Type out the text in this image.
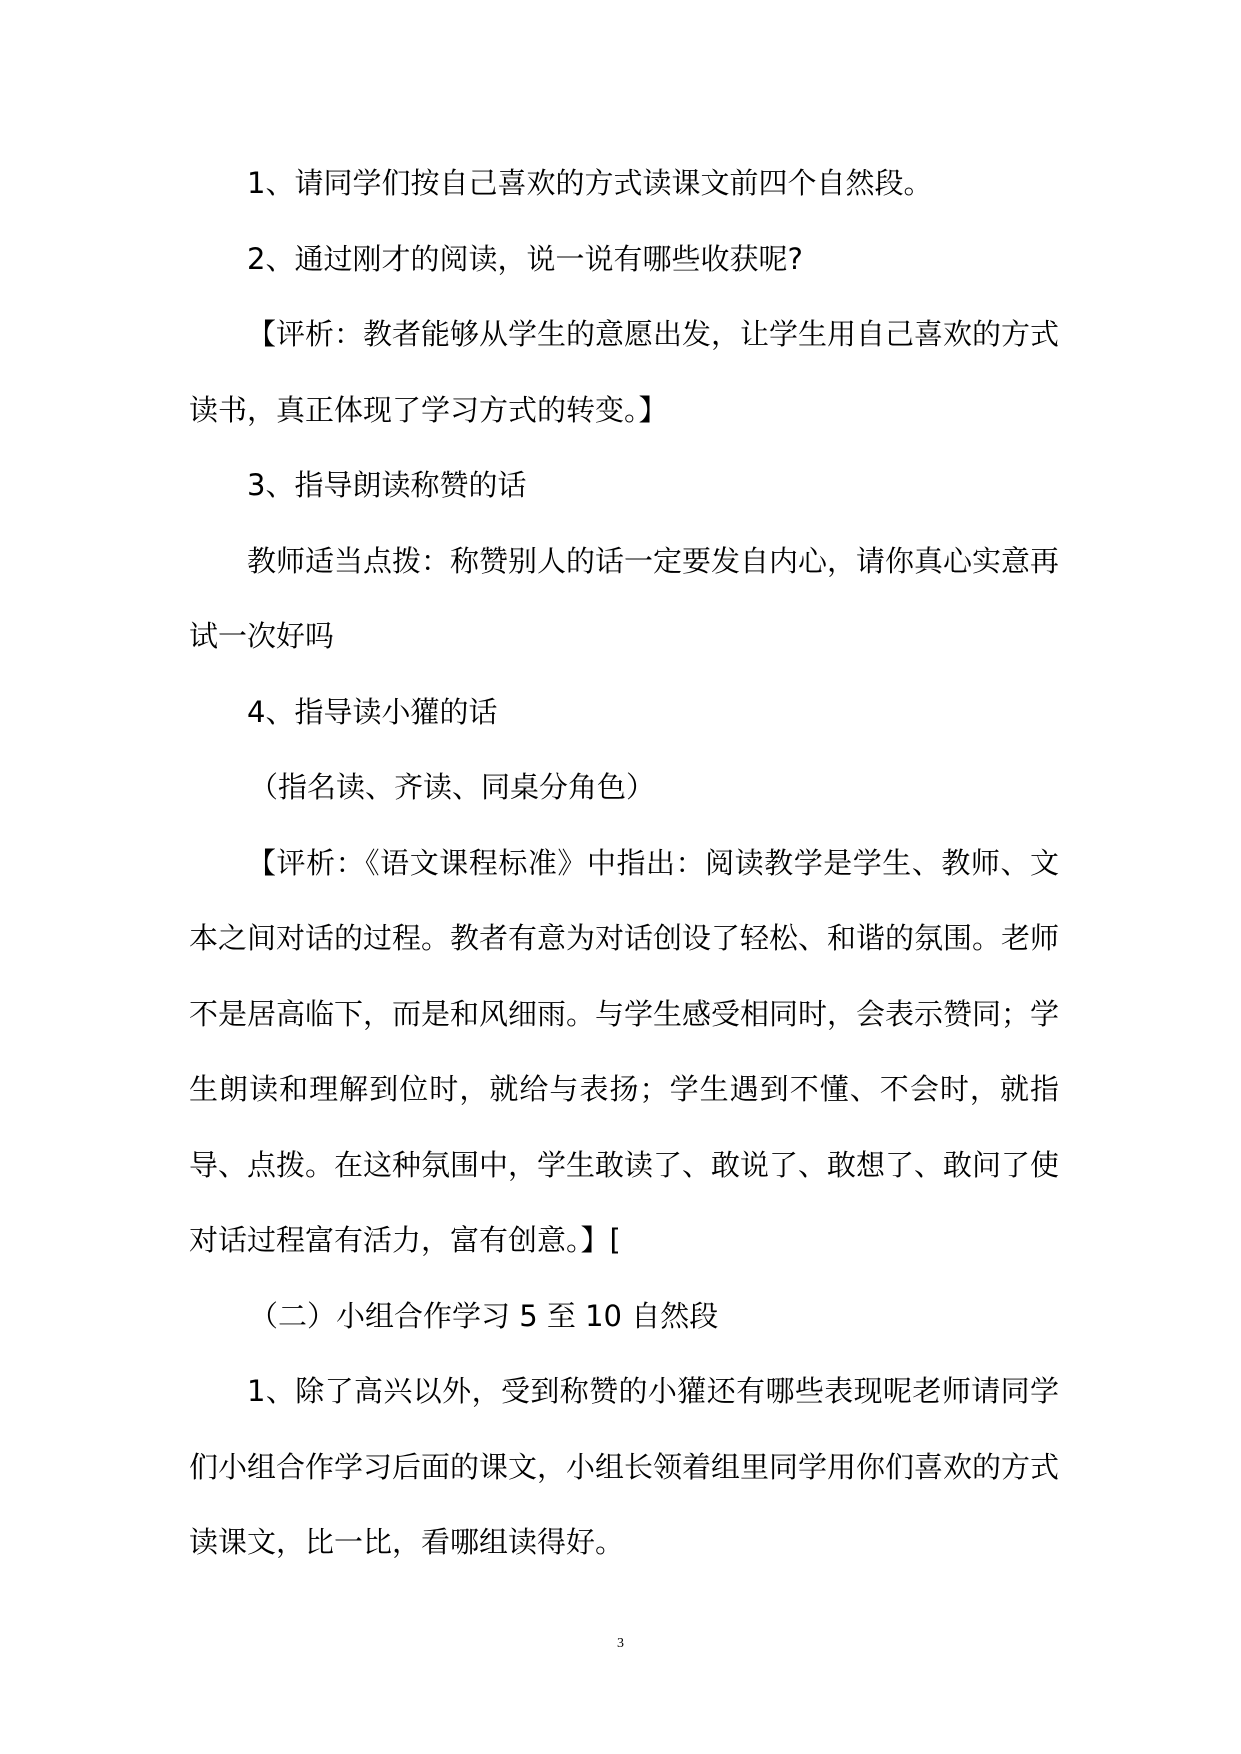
1、请同学们按自己喜欢的方式读课文前四个自然段。

2、通过刚才的阅读，说一说有哪些收获呢?

【评析：教者能够从学生的意愿出发，让学生用自己喜欢的方式读书，真正体现了学习方式的转变。】

3、指导朗读称赞的话

教师适当点拨：称赞别人的话一定要发自内心，请你真心实意再试一次好吗

4、指导读小獾的话

（指名读、齐读、同桌分角色）

【评析：《语文课程标准》中指出：阅读教学是学生、教师、文本之间对话的过程。教者有意为对话创设了轻松、和谐的氛围。老师不是居高临下，而是和风细雨。与学生感受相同时，会表示赞同；学生朗读和理解到位时，就给与表扬；学生遇到不懂、不会时，就指导、点拨。在这种氛围中，学生敢读了、敢说了、敢想了、敢问了使对话过程富有活力，富有创意。】[

（二）小组合作学习 5 至 10 自然段

1、除了高兴以外，受到称赞的小獾还有哪些表现呢老师请同学们小组合作学习后面的课文，小组长领着组里同学用你们喜欢的方式读课文，比一比，看哪组读得好。

3
